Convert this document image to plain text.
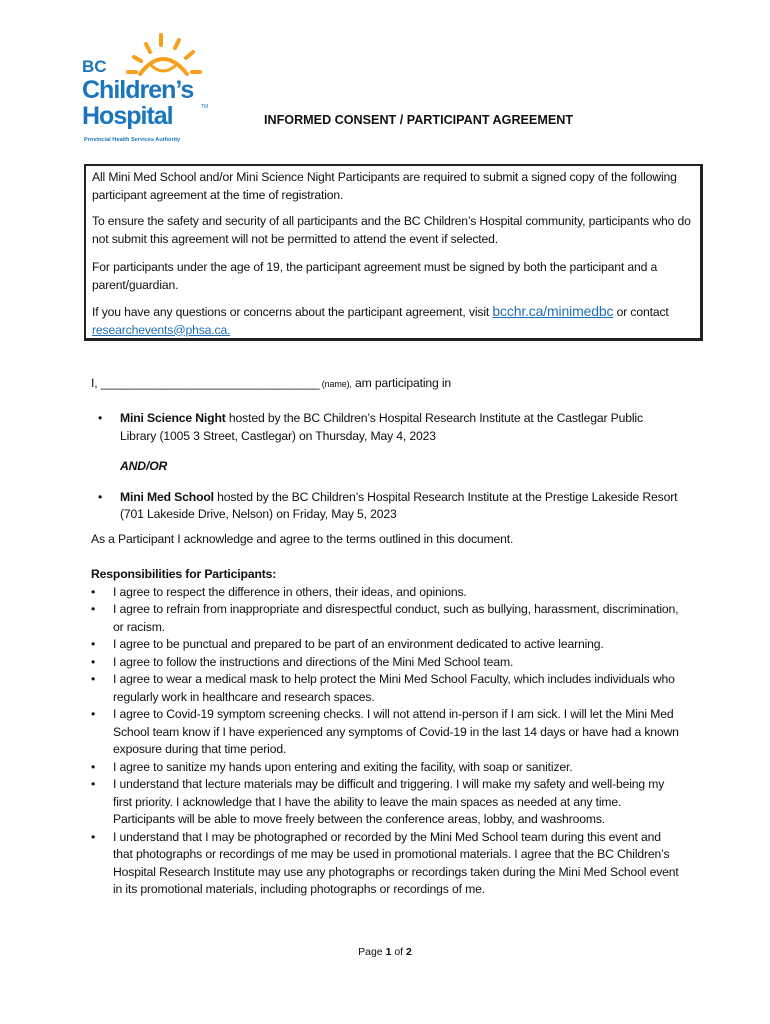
BC
Children’s
Hospital	TM
Provincial Health Services Authority
INFORMED CONSENT / PARTICIPANT AGREEMENT

All Mini Med School and/or Mini Science Night Participants are required to submit a signed copy of the following participant agreement at the time of registration.

To ensure the safety and security of all participants and the BC Children’s Hospital community, participants who do not submit this agreement will not be permitted to attend the event if selected.

For participants under the age of 19, the participant agreement must be signed by both the participant and a parent/guardian.

If you have any questions or concerns about the participant agreement, visit bcchr.ca/minimedbc or contact researchevents@phsa.ca.

I, _________________________________ (name), am participating in
• Mini Science Night hosted by the BC Children’s Hospital Research Institute at the Castlegar Public Library (1005 3 Street, Castlegar) on Thursday, May 4, 2023
AND/OR
• Mini Med School hosted by the BC Children’s Hospital Research Institute at the Prestige Lakeside Resort (701 Lakeside Drive, Nelson) on Friday, May 5, 2023
As a Participant I acknowledge and agree to the terms outlined in this document.
Responsibilities for Participants:
• I agree to respect the difference in others, their ideas, and opinions.
• I agree to refrain from inappropriate and disrespectful conduct, such as bullying, harassment, discrimination, or racism.
• I agree to be punctual and prepared to be part of an environment dedicated to active learning.
• I agree to follow the instructions and directions of the Mini Med School team.
• I agree to wear a medical mask to help protect the Mini Med School Faculty, which includes individuals who regularly work in healthcare and research spaces.
• I agree to Covid-19 symptom screening checks. I will not attend in-person if I am sick. I will let the Mini Med School team know if I have experienced any symptoms of Covid-19 in the last 14 days or have had a known exposure during that time period.
• I agree to sanitize my hands upon entering and exiting the facility, with soap or sanitizer.
• I understand that lecture materials may be difficult and triggering. I will make my safety and well-being my first priority. I acknowledge that I have the ability to leave the main spaces as needed at any time. Participants will be able to move freely between the conference areas, lobby, and washrooms.
• I understand that I may be photographed or recorded by the Mini Med School team during this event and that photographs or recordings of me may be used in promotional materials. I agree that the BC Children’s Hospital Research Institute may use any photographs or recordings taken during the Mini Med School event in its promotional materials, including photographs or recordings of me.
Page 1 of 2
